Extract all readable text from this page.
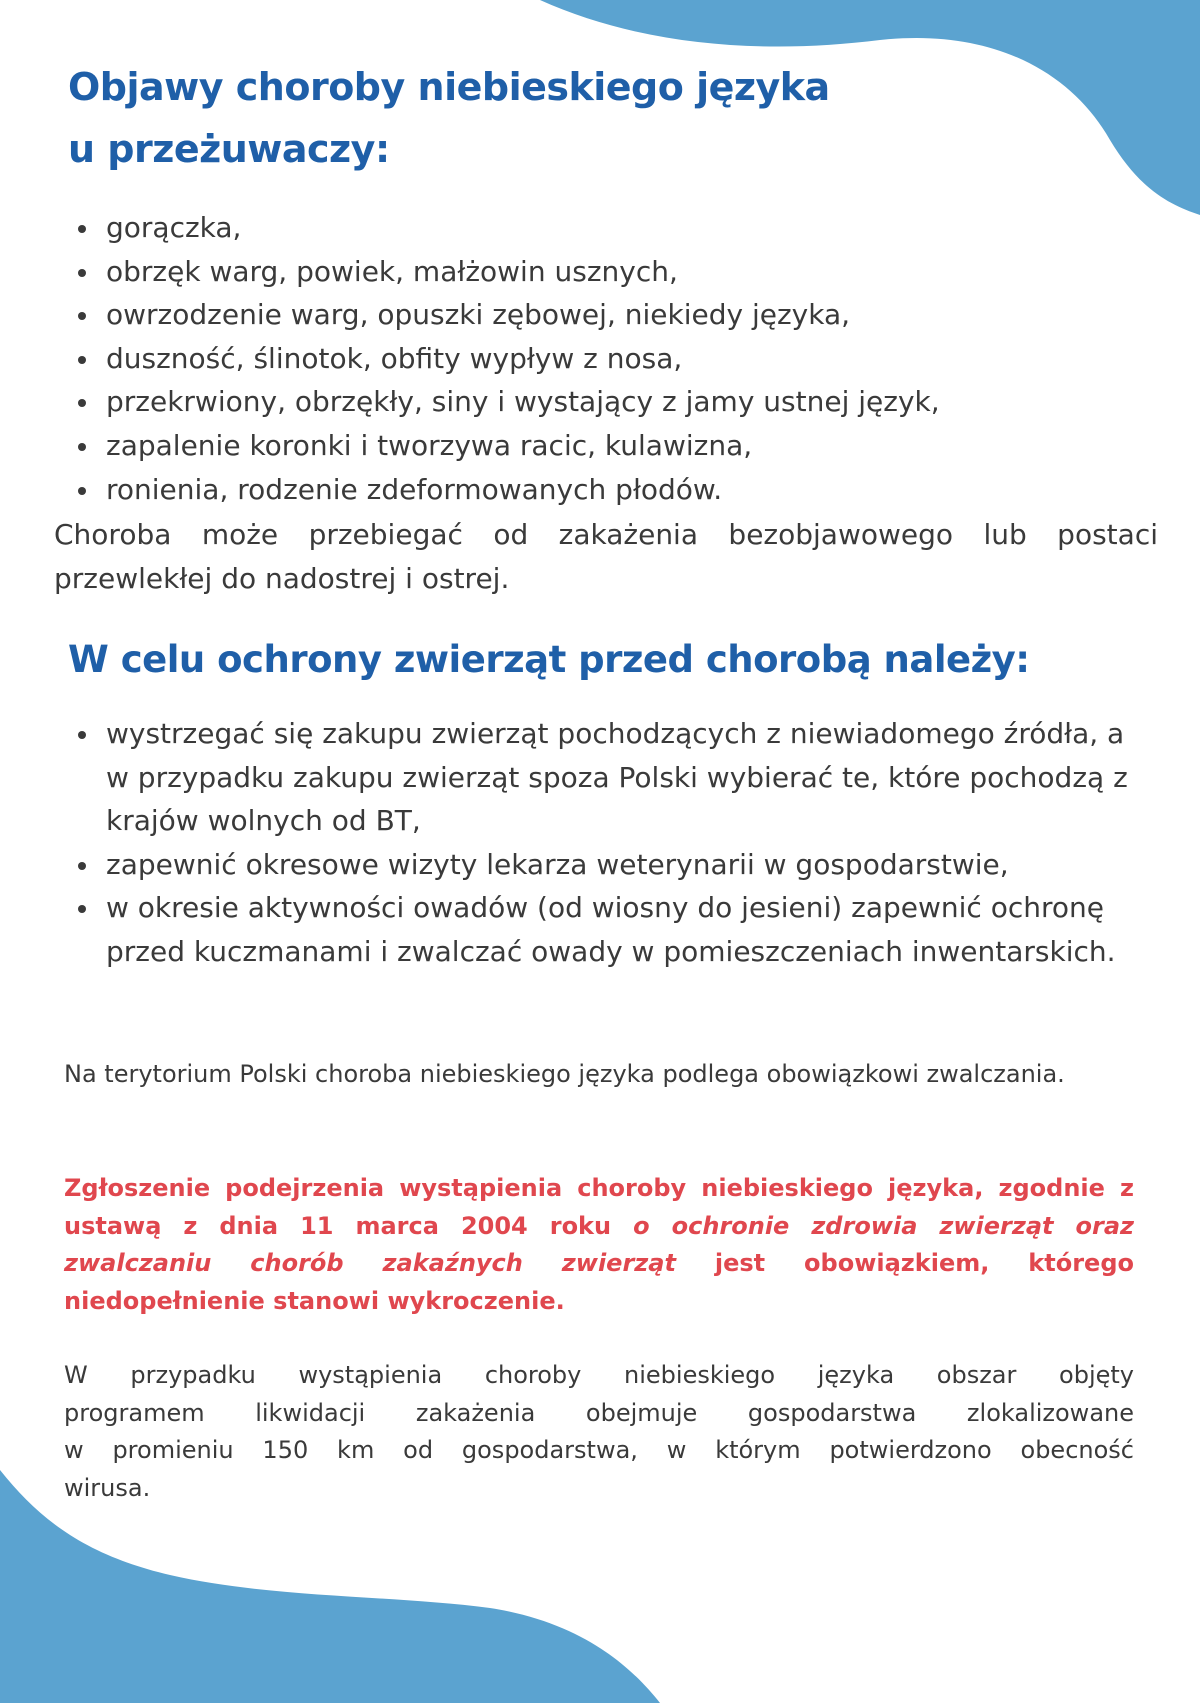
Objawy choroby niebieskiego języka
u przeżuwaczy:
gorączka,
obrzęk warg, powiek, małżowin usznych,
owrzodzenie warg, opuszki zębowej, niekiedy języka,
duszność, ślinotok, obfity wypływ z nosa,
przekrwiony, obrzękły, siny i wystający z jamy ustnej język,
zapalenie koronki i tworzywa racic, kulawizna,
ronienia, rodzenie zdeformowanych płodów.

Choroba może przebiegać od zakażenia bezobjawowego lub postaci przewlekłej do nadostrej i ostrej.

W celu ochrony zwierząt przed chorobą należy:
wystrzegać się zakupu zwierząt pochodzących z niewiadomego źródła, a w przypadku zakupu zwierząt spoza Polski wybierać te, które pochodzą z krajów wolnych od BT,
zapewnić okresowe wizyty lekarza weterynarii w gospodarstwie,
w okresie aktywności owadów (od wiosny do jesieni) zapewnić ochronę przed kuczmanami i zwalczać owady w pomieszczeniach inwentarskich.

Na terytorium Polski choroba niebieskiego języka podlega obowiązkowi zwalczania.

Zgłoszenie podejrzenia wystąpienia choroby niebieskiego języka, zgodnie z ustawą z dnia 11 marca 2004 roku o ochronie zdrowia zwierząt oraz zwalczaniu chorób zakaźnych zwierząt jest obowiązkiem, którego niedopełnienie stanowi wykroczenie.

W przypadku wystąpienia choroby niebieskiego języka obszar objęty
programem likwidacji zakażenia obejmuje gospodarstwa zlokalizowane
w promieniu 150 km od gospodarstwa, w którym potwierdzono obecność
wirusa.
